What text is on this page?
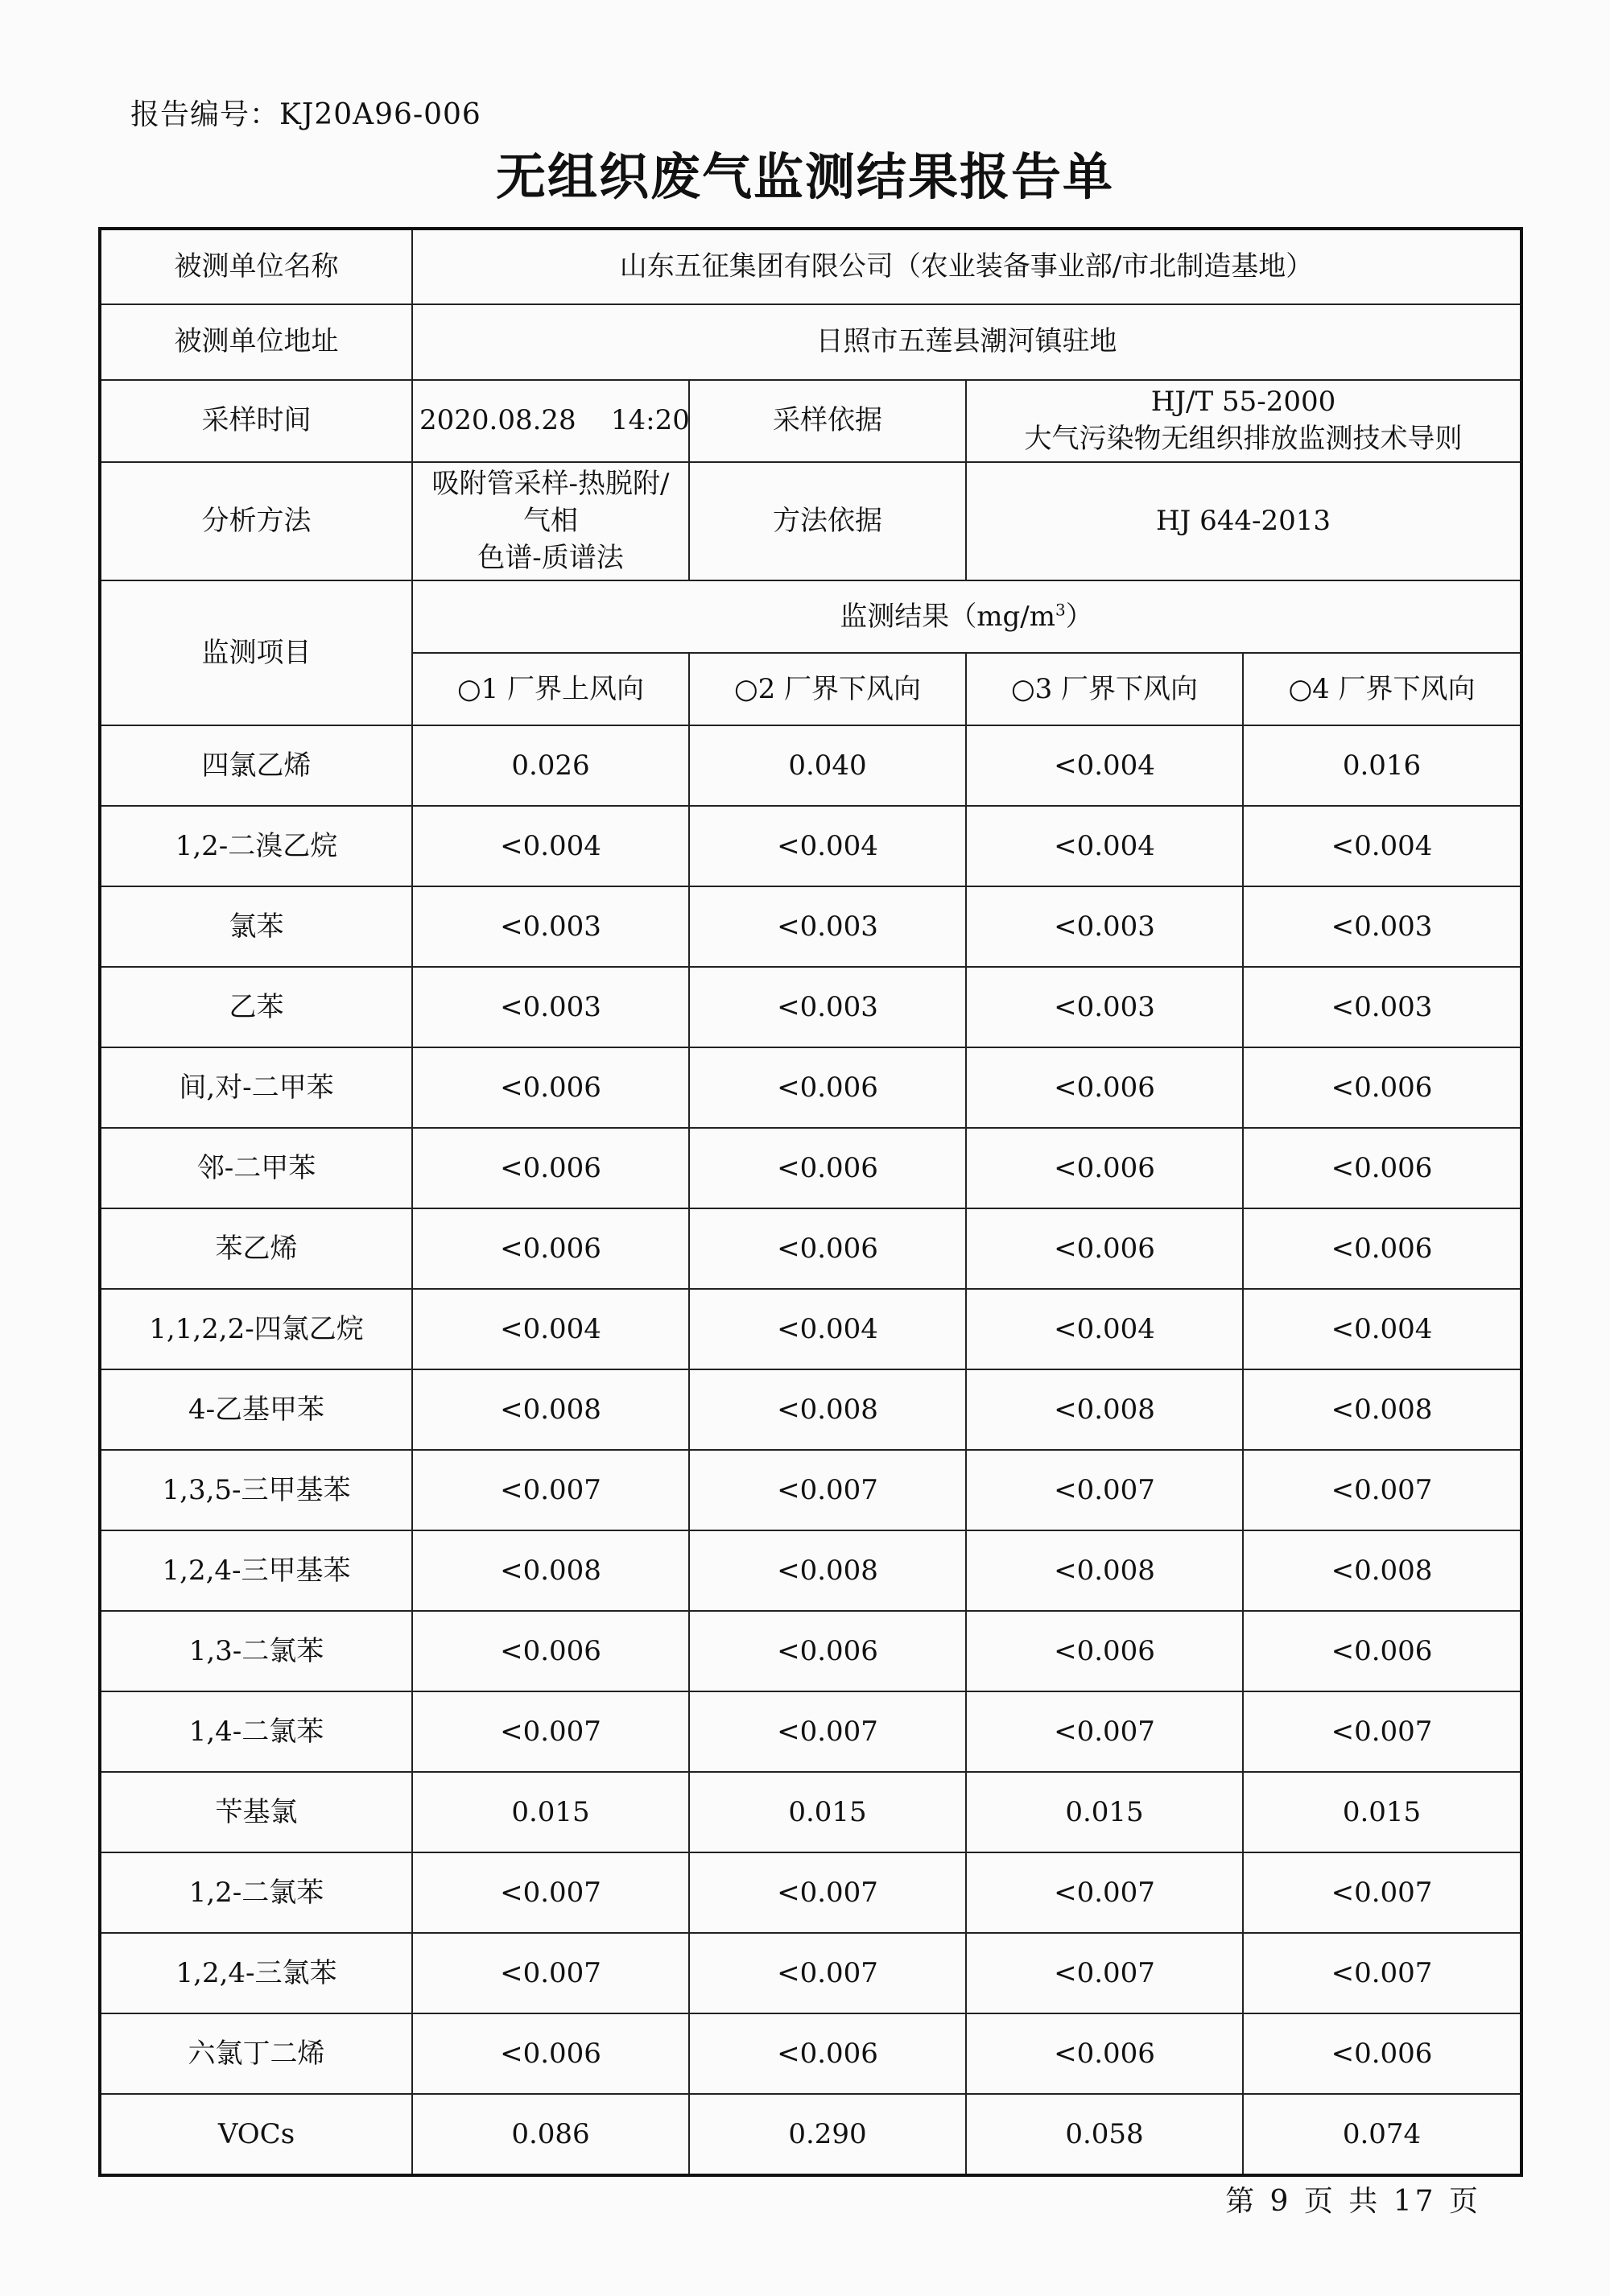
报告编号：KJ20A96-006
无组织废气监测结果报告单
被测单位名称	山东五征集团有限公司（农业装备事业部/市北制造基地）			
被测单位地址	日照市五莲县潮河镇驻地			
采样时间	2020.08.28    14:20	采样依据	HJ/T 55-2000
大气污染物无组织排放监测技术导则	

分析方法	吸附管采样-热脱附/气相
色谱-质谱法	方法依据	HJ 644-2013	
监测项目	监测结果$(mg/m^3)$			
	○1 厂界上风向	○2 厂界下风向	○3 厂界下风向	○4 厂界下风向
四氯乙烯	0.026	0.040	<0.004	0.016
1,2-二溴乙烷	<0.004	<0.004	<0.004	<0.004
氯苯	<0.003	<0.003	<0.003	<0.003
乙苯	<0.003	<0.003	<0.003	<0.003
间,对-二甲苯	<0.006	<0.006	<0.006	<0.006
邻-二甲苯	<0.006	<0.006	<0.006	<0.006
苯乙烯	<0.006	<0.006	<0.006	<0.006
1,1,2,2-四氯乙烷	<0.004	<0.004	<0.004	<0.004
4-乙基甲苯	<0.008	<0.008	<0.008	<0.008
1,3,5-三甲基苯	<0.007	<0.007	<0.007	<0.007
1,2,4-三甲基苯	<0.008	<0.008	<0.008	<0.008
1,3-二氯苯	<0.006	<0.006	<0.006	<0.006
1,4-二氯苯	<0.007	<0.007	<0.007	<0.007
苄基氯	0.015	0.015	0.015	0.015
1,2-二氯苯	<0.007	<0.007	<0.007	<0.007
1,2,4-三氯苯	<0.007	<0.007	<0.007	<0.007
六氯丁二烯	<0.006	<0.006	<0.006	<0.006
VOCs	0.086	0.290	0.058	0.074
第 9 页 共 17 页
